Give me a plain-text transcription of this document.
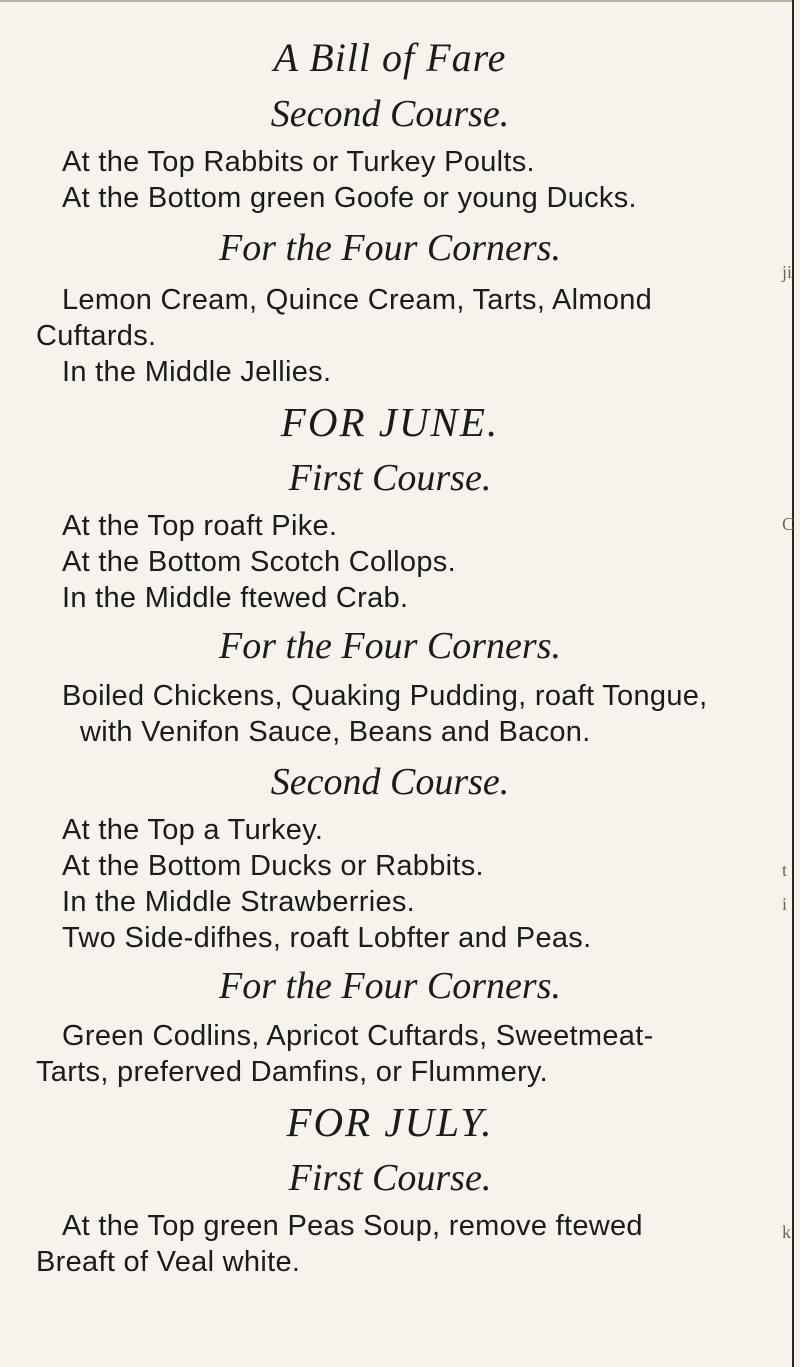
A Bill of Fare
Second Course.
At the Top Rabbits or Turkey Poults.
At the Bottom green Goofe or young Ducks.
For the Four Corners.
Lemon Cream, Quince Cream, Tarts, Almond
Cuftards.
In the Middle Jellies.
FOR JUNE.
First Course.
At the Top roaft Pike.
At the Bottom Scotch Collops.
In the Middle ftewed Crab.
For the Four Corners.
Boiled Chickens, Quaking Pudding, roaft Tongue,
with Venifon Sauce, Beans and Bacon.
Second Course.
At the Top a Turkey.
At the Bottom Ducks or Rabbits.
In the Middle Strawberries.
Two Side-difhes, roaft Lobfter and Peas.
For the Four Corners.
Green Codlins, Apricot Cuftards, Sweetmeat-
Tarts, preferved Damfins, or Flummery.
FOR JULY.
First Course.
At the Top green Peas Soup, remove ftewed
Breaft of Veal white.
ji
C
t
i
k
